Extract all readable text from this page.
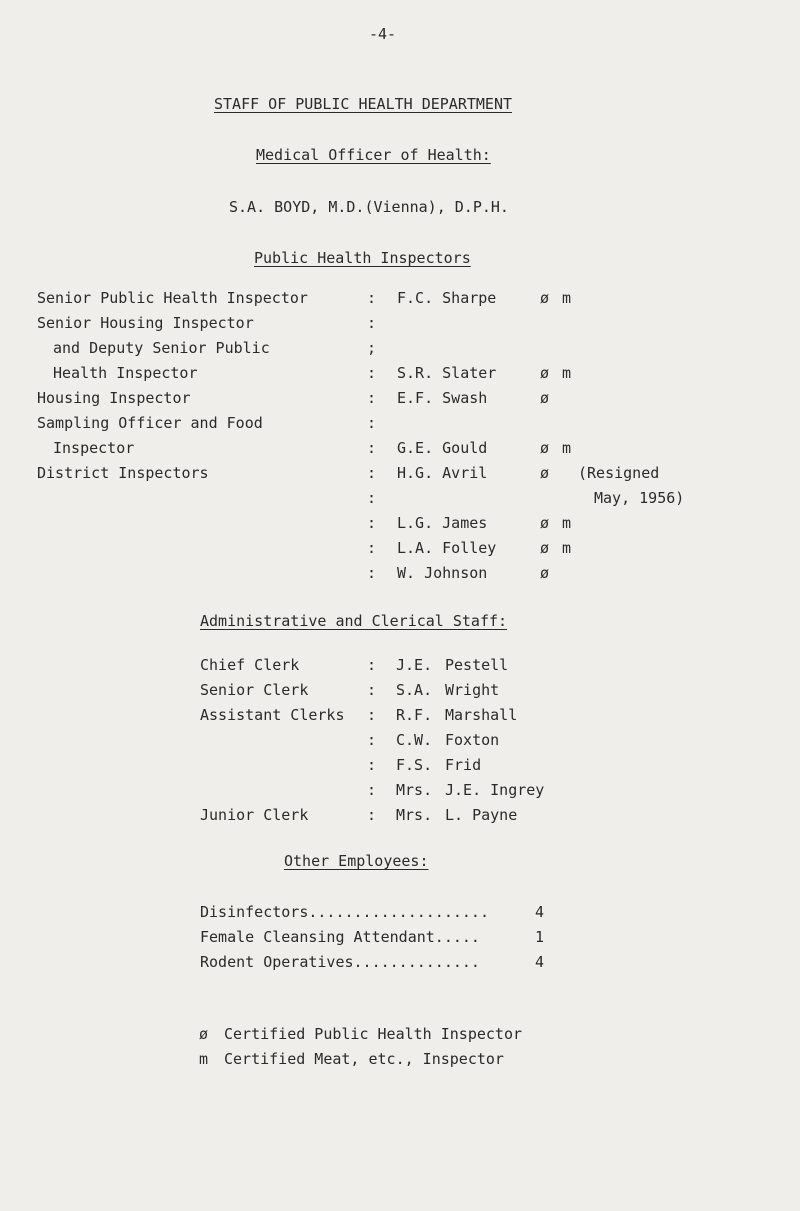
-4-
STAFF OF PUBLIC HEALTH DEPARTMENT
Medical Officer of Health:
S.A. BOYD, M.D.(Vienna), D.P.H.
Public Health Inspectors
Senior Public Health Inspector
Senior Housing Inspector
and Deputy Senior Public
Health Inspector
Housing Inspector
Sampling Officer and Food
Inspector
District Inspectors
:
:
;
:
:
:
:
:
:
:
:
:
F.C. Sharpe
S.R. Slater
E.F. Swash
G.E. Gould
H.G. Avril
L.G. James
L.A. Folley
W. Johnson
ø
ø
ø
ø
ø
ø
ø
ø
m
m
m
m
m
(Resigned
May, 1956)
Administrative and Clerical Staff:
Chief Clerk
Senior Clerk
Assistant Clerks
Junior Clerk
:
:
:
:
:
:
:
J.E.
S.A.
R.F.
C.W.
F.S.
Mrs.
Mrs.
Pestell
Wright
Marshall
Foxton
Frid
J.E. Ingrey
L. Payne
Other Employees:
Disinfectors....................
Female Cleansing Attendant.....
Rodent Operatives..............
4
1
4
ø Certified Public Health Inspector
m Certified Meat, etc., Inspector
